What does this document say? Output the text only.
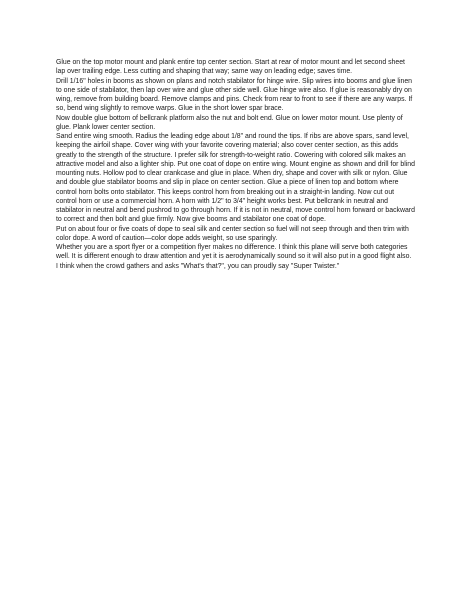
Glue on the top motor mount and plank entire top center section. Start at rear of motor mount and let second sheet lap over trailing edge. Less cutting and shaping that way; same way on leading edge; saves time.

Drill 1/16" holes in booms as shown on plans and notch stabilator for hinge wire. Slip wires into booms and glue linen to one side of stabilator, then lap over wire and glue other side well. Glue hinge wire also. If glue is reasonably dry on wing, remove from building board. Remove clamps and pins. Check from rear to front to see if there are any warps. If so, bend wing slightly to remove warps. Glue in the short lower spar brace.

Now double glue bottom of bellcrank platform also the nut and bolt end. Glue on lower motor mount. Use plenty of glue. Plank lower center section.

Sand entire wing smooth. Radius the leading edge about 1/8" and round the tips. If ribs are above spars, sand level, keeping the airfoil shape. Cover wing with your favorite covering material; also cover center section, as this adds greatly to the strength of the structure. I prefer silk for strength-to-weight ratio. Cowering with colored silk makes an attractive model and also a lighter ship. Put one coat of dope on entire wing. Mount engine as shown and drill for blind mounting nuts. Hollow pod to clear crankcase and glue in place. When dry, shape and cover with silk or nylon. Glue and double glue stabilator booms and slip in place on center section. Glue a piece of linen top and bottom where control horn bolts onto stabilator. This keeps control horn from breaking out in a straight-in landing. Now cut out control horn or use a commercial horn. A horn with 1/2" to 3/4" height works best. Put bellcrank in neutral and stabilator in neutral and bend pushrod to go through horn. If it is not in neutral, move control horn forward or backward to correct and then bolt and glue firmly. Now give booms and stabilator one coat of dope.

Put on about four or five coats of dope to seal silk and center section so fuel will not seep through and then trim with color dope. A word of caution—color dope adds weight, so use sparingly.

Whether you are a sport flyer or a competition flyer makes no difference. I think this plane will serve both categories well. It is different enough to draw attention and yet it is aerodynamically sound so it will also put in a good flight also.

I think when the crowd gathers and asks "What's that?", you can proudly say "Super Twister."
